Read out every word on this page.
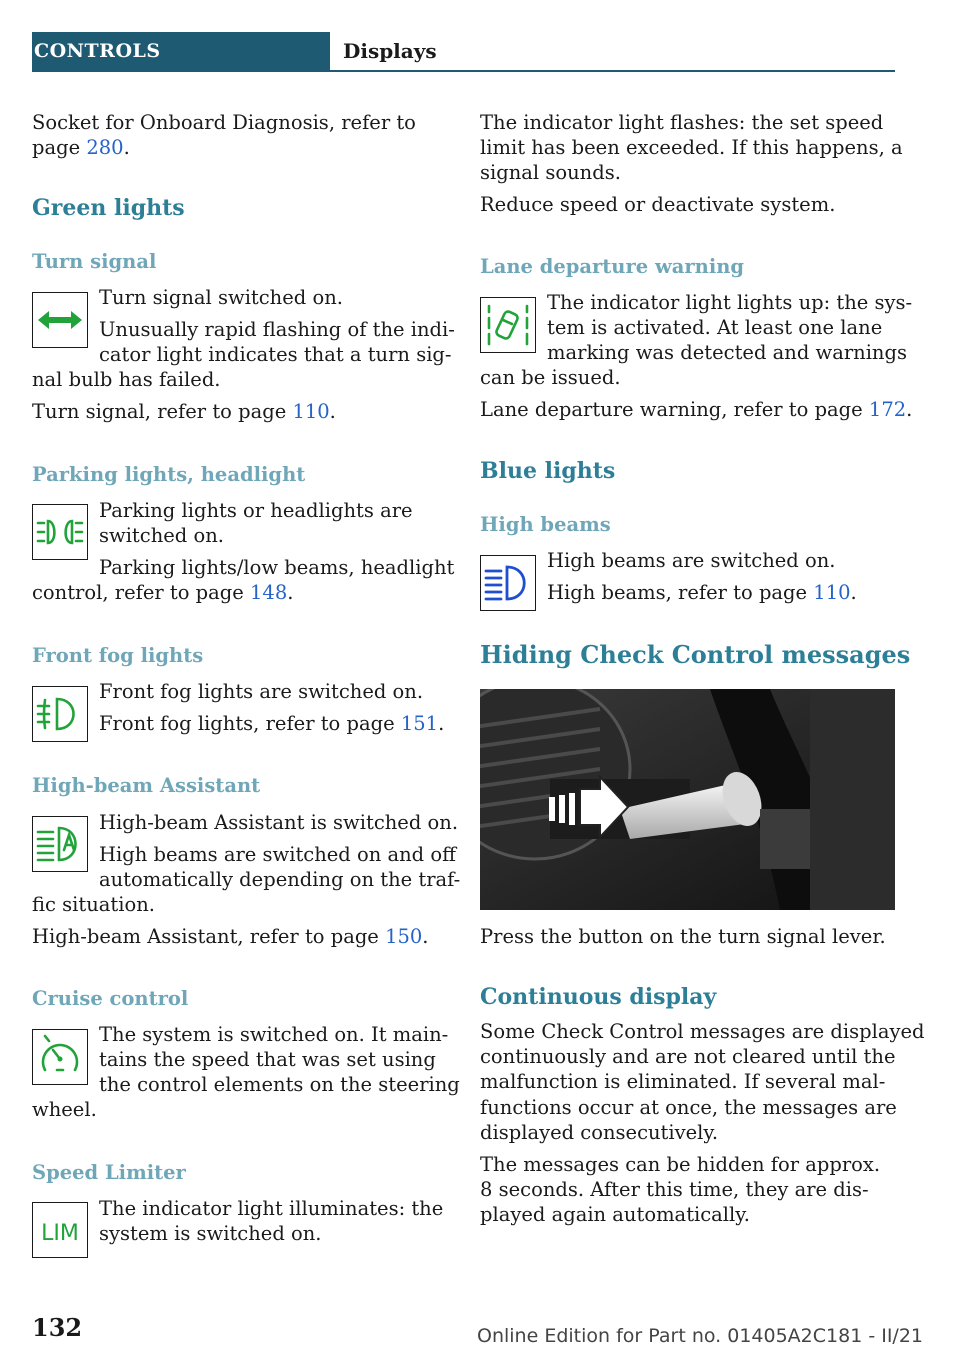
CONTROLS	Displays

Socket for Onboard Diagnosis, refer to

page 280.

Green lights

Turn signal

Turn signal switched on.

Unusually rapid flashing of the indi-

cator light indicates that a turn sig-

nal bulb has failed.

Turn signal, refer to page 110.

Parking lights, headlight

Parking lights or headlights are

switched on.

Parking lights/low beams, headlight

control, refer to page 148.

Front fog lights

Front fog lights are switched on.

Front fog lights, refer to page 151.

High-beam Assistant

High-beam Assistant is switched on.

High beams are switched on and off

automatically depending on the traf-

fic situation.

High-beam Assistant, refer to page 150.

Cruise control

The system is switched on. It main-

tains the speed that was set using

the control elements on the steering

wheel.

Speed Limiter

LIM

The indicator light illuminates: the

system is switched on.

The indicator light flashes: the set speed

limit has been exceeded. If this happens, a

signal sounds.

Reduce speed or deactivate system.

Lane departure warning

The indicator light lights up: the sys-

tem is activated. At least one lane

marking was detected and warnings

can be issued.

Lane departure warning, refer to page 172.

Blue lights

High beams

High beams are switched on.

High beams, refer to page 110.

Hiding Check Control messages

Press the button on the turn signal lever.

Continuous display

Some Check Control messages are displayed

continuously and are not cleared until the

malfunction is eliminated. If several mal-

functions occur at once, the messages are

displayed consecutively.

The messages can be hidden for approx.

8 seconds. After this time, they are dis-

played again automatically.

132	Online Edition for Part no. 01405A2C181 - II/21
